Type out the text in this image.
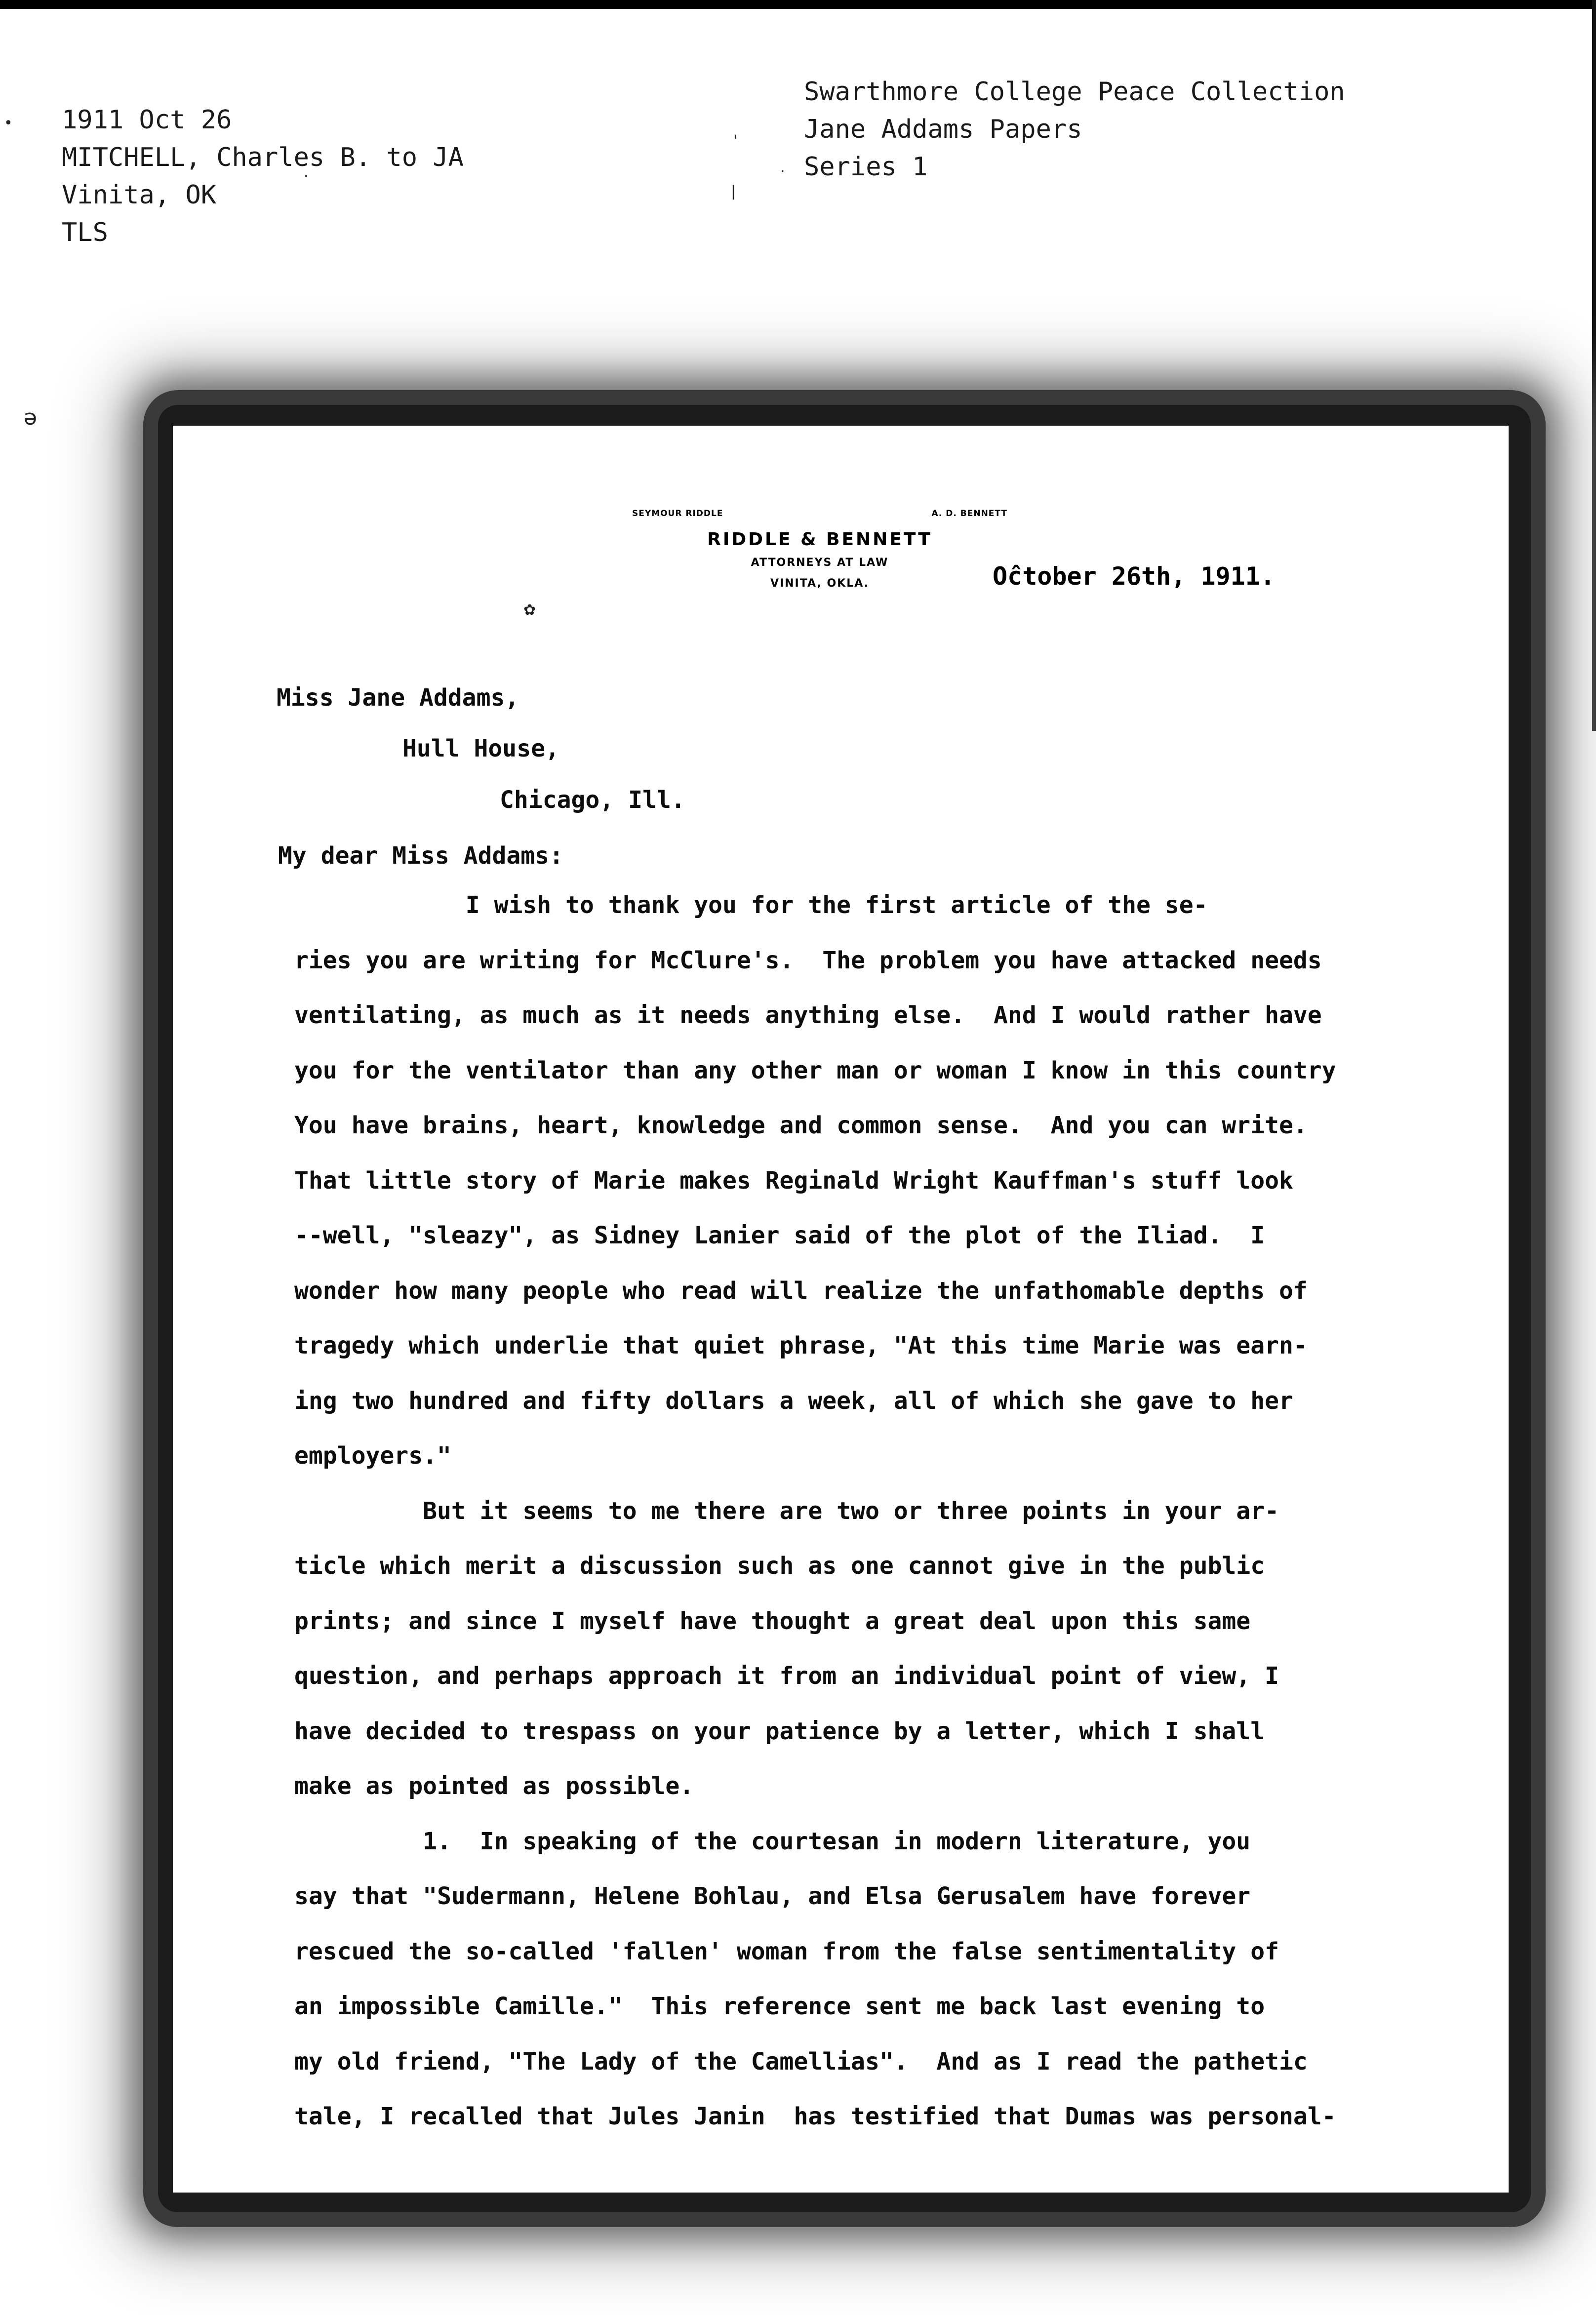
1911 Oct 26
MITCHELL, Charles B. to JA
Vinita, OK
TLS
Swarthmore College Peace Collection
Jane Addams Papers
Series 1
•
ə
'
|
·	·
SEYMOUR RIDDLE	A. D. BENNETT
RIDDLE & BENNETT
ATTORNEYS AT LAW
VINITA, OKLA.	Oĉtober 26th, 1911.
✿
Miss Jane Addams,
Hull House,
Chicago, Ill.
My dear Miss Addams:
I wish to thank you for the first article of the se-
ries you are writing for McClure's.  The problem you have attacked needs
ventilating, as much as it needs anything else.  And I would rather have
you for the ventilator than any other man or woman I know in this country
You have brains, heart, knowledge and common sense.  And you can write.
That little story of Marie makes Reginald Wright Kauffman's stuff look
--well, "sleazy", as Sidney Lanier said of the plot of the Iliad.  I
wonder how many people who read will realize the unfathomable depths of
tragedy which underlie that quiet phrase, "At this time Marie was earn-
ing two hundred and fifty dollars a week, all of which she gave to her
employers."
But it seems to me there are two or three points in your ar-
ticle which merit a discussion such as one cannot give in the public
prints; and since I myself have thought a great deal upon this same
question, and perhaps approach it from an individual point of view, I
have decided to trespass on your patience by a letter, which I shall
make as pointed as possible.
1.  In speaking of the courtesan in modern literature, you
say that "Sudermann, Helene Bohlau, and Elsa Gerusalem have forever
rescued the so-called 'fallen' woman from the false sentimentality of
an impossible Camille."  This reference sent me back last evening to
my old friend, "The Lady of the Camellias".  And as I read the pathetic
tale, I recalled that Jules Janin  has testified that Dumas was personal-
